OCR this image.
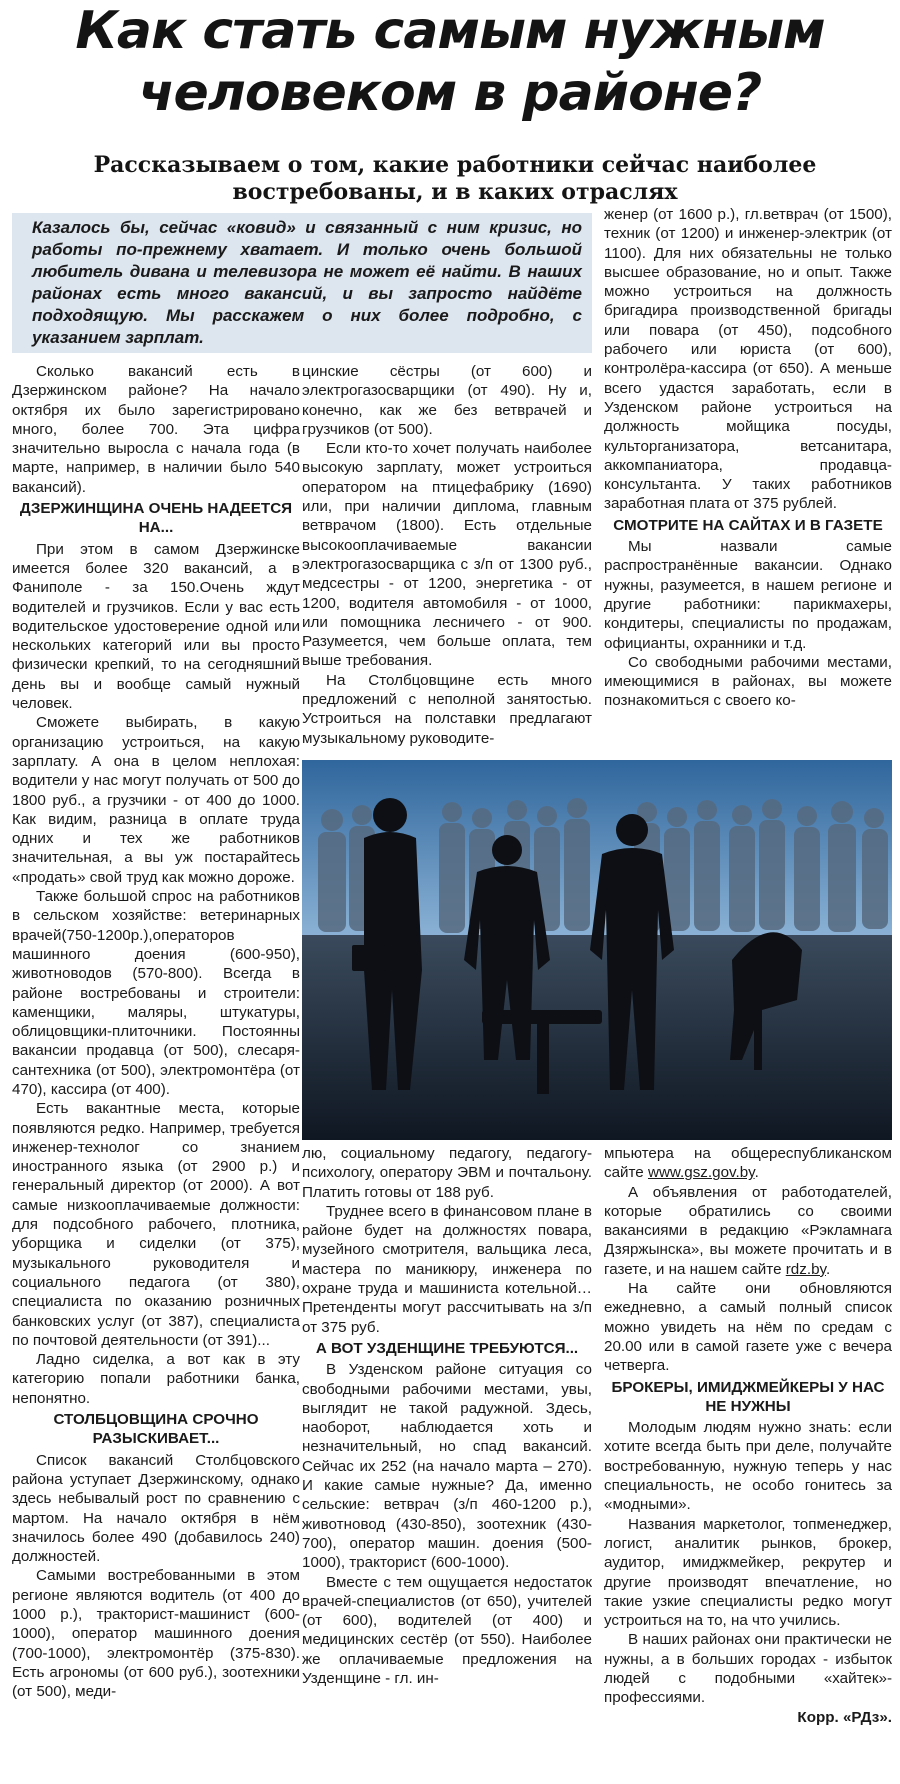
Как стать самым нужным человеком в районе?
Рассказываем о том, какие работники сейчас наиболее востребованы, и в каких отраслях

Казалось бы, сейчас «ковид» и связанный с ним кризис, но работы по-прежнему хватает. И только очень большой любитель дивана и телевизора не может её найти. В наших районах есть много вакансий, и вы запросто найдёте подходящую. Мы расскажем о них более подробно, с указанием зарплат.

Сколько вакансий есть в Дзержинском районе? На начало октября их было зарегистрировано много, более 700. Эта цифра значительно выросла с начала года (в марте, например, в наличии было 540 вакансий).

ДЗЕРЖИНЩИНА ОЧЕНЬ НАДЕЕТСЯ НА...

При этом в самом Дзержинске имеется более 320 вакансий, а в Фаниполе - за 150.Очень ждут водителей и грузчиков. Если у вас есть водительское удостоверение одной или нескольких категорий или вы просто физически крепкий, то на сегодняшний день вы и вообще самый нужный человек.

Сможете выбирать, в какую организацию устроиться, на какую зарплату. А она в целом неплохая: водители у нас могут получать от 500 до 1800 руб., а грузчики - от 400 до 1000. Как видим, разница в оплате труда одних и тех же работников значительная, а вы уж постарайтесь «продать» свой труд как можно дороже.

Также большой спрос на работников в сельском хозяйстве: ветеринарных врачей(750-1200р.),операторов машинного доения (600-950), животноводов (570-800). Всегда в районе востребованы и строители: каменщики, маляры, штукатуры, облицовщики-плиточники. Постоянны вакансии продавца (от 500), слесаря-сантехника (от 500), электромонтёра (от 470), кассира (от 400).

Есть вакантные места, которые появляются редко. Например, требуется инженер-технолог со знанием иностранного языка (от 2900 р.) и генеральный директор (от 2000). А вот самые низкооплачиваемые должности: для подсобного рабочего, плотника, уборщика и сиделки (от 375), музыкального руководителя и социального педагога (от 380), специалиста по оказанию розничных банковских услуг (от 387), специалиста по почтовой деятельности (от 391)...

Ладно сиделка, а вот как в эту категорию попали работники банка, непонятно.

СТОЛБЦОВЩИНА СРОЧНО РАЗЫСКИВАЕТ...

Список вакансий Столбцовского района уступает Дзержинскому, однако здесь небывалый рост по сравнению с мартом. На начало октября в нём значилось более 490 (добавилось 240) должностей.

Самыми востребованными в этом регионе являются водитель (от 400 до 1000 р.), тракторист-машинист (600-1000), оператор машинного доения (700-1000), электромонтёр (375-830). Есть агрономы (от 600 руб.), зоотехники (от 500), меди-

цинские сёстры (от 600) и электрогазосварщики (от 490). Ну и, конечно, как же без ветврачей и грузчиков (от 500).

Если кто-то хочет получать наиболее высокую зарплату, может устроиться оператором на птицефабрику (1690) или, при наличии диплома, главным ветврачом (1800). Есть отдельные высокооплачиваемые вакансии электрогазосварщика с з/п от 1300 руб., медсестры - от 1200, энергетика - от 1200, водителя автомобиля - от 1000, или помощника лесничего - от 900. Разумеется, чем больше оплата, тем выше требования.

На Столбцовщине есть много предложений с неполной занятостью. Устроиться на полставки предлагают музыкальному руководите-

женер (от 1600 р.), гл.ветврач (от 1500), техник (от 1200) и инженер-электрик (от 1100). Для них обязательны не только высшее образование, но и опыт. Также можно устроиться на должность бригадира производственной бригады или повара (от 450), подсобного рабочего или юриста (от 600), контролёра-кассира (от 650). А меньше всего удастся заработать, если в Узденском районе устроиться на должность мойщика посуды, культорганизатора, ветсанитара, аккомпаниатора, продавца-консультанта. У таких работников заработная плата от 375 рублей.

СМОТРИТЕ НА САЙТАХ И В ГАЗЕТЕ

Мы назвали самые распространённые вакансии. Однако нужны, разумеется, в нашем регионе и другие работники: парикмахеры, кондитеры, специалисты по продажам, официанты, охранники и т.д.

Со свободными рабочими местами, имеющимися в районах, вы можете познакомиться с своего ко-

лю, социальному педагогу, педагогу-психологу, оператору ЭВМ и почтальону. Платить готовы от 188 руб.

Труднее всего в финансовом плане в районе будет на должностях повара, музейного смотрителя, вальщика леса, мастера по маникюру, инженера по охране труда и машиниста котельной… Претенденты могут рассчитывать на з/п от 375 руб.

А ВОТ УЗДЕНЩИНЕ ТРЕБУЮТСЯ...

В Узденском районе ситуация со свободными рабочими местами, увы, выглядит не такой радужной. Здесь, наоборот, наблюдается хоть и незначительный, но спад вакансий. Сейчас их 252 (на начало марта – 270). И какие самые нужные? Да, именно сельские: ветврач (з/п 460-1200 р.), животновод (430-850), зоотехник (430-700), оператор машин. доения (500-1000), тракторист (600-1000).

Вместе с тем ощущается недостаток врачей-специалистов (от 650), учителей (от 600), водителей (от 400) и медицинских сестёр (от 550). Наиболее же оплачиваемые предложения на Узденщине - гл. ин-

мпьютера на общереспубликанском сайте www.gsz.gov.by.

А объявления от работодателей, которые обратились со своими вакансиями в редакцию «Рэкламнага Дзяржынска», вы можете прочитать и в газете, и на нашем сайте rdz.by.

На сайте они обновляются ежедневно, а самый полный список можно увидеть на нём по средам с 20.00 или в самой газете уже с вечера четверга.

БРОКЕРЫ, ИМИДЖМЕЙКЕРЫ У НАС НЕ НУЖНЫ

Молодым людям нужно знать: если хотите всегда быть при деле, получайте востребованную, нужную теперь у нас специальность, не особо гонитесь за «модными».

Названия маркетолог, топменеджер, логист, аналитик рынков, брокер, аудитор, имиджмейкер, рекрутер и другие производят впечатление, но такие узкие специалисты редко могут устроиться на то, на что учились.

В наших районах они практически не нужны, а в больших городах - избыток людей с подобными «хайтек»-профессиями.

Корр. «РДз».
